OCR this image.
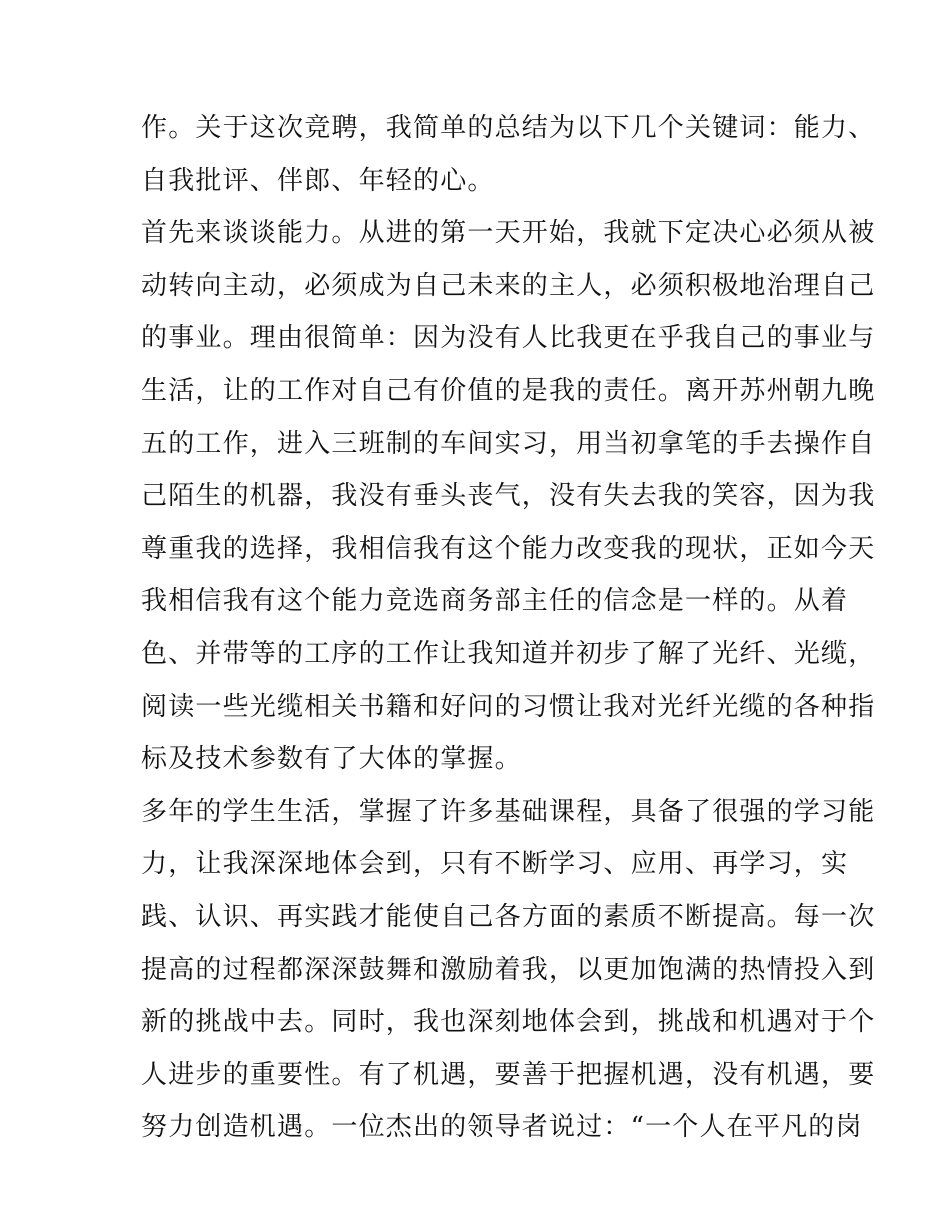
作。关于这次竞聘，我简单的总结为以下几个关键词：能力、
自我批评、伴郎、年轻的心。
首先来谈谈能力。从进的第一天开始，我就下定决心必须从被
动转向主动，必须成为自己未来的主人，必须积极地治理自己
的事业。理由很简单：因为没有人比我更在乎我自己的事业与
生活，让的工作对自己有价值的是我的责任。离开苏州朝九晚
五的工作，进入三班制的车间实习，用当初拿笔的手去操作自
己陌生的机器，我没有垂头丧气，没有失去我的笑容，因为我
尊重我的选择，我相信我有这个能力改变我的现状，正如今天
我相信我有这个能力竞选商务部主任的信念是一样的。从着
色、并带等的工序的工作让我知道并初步了解了光纤、光缆，
阅读一些光缆相关书籍和好问的习惯让我对光纤光缆的各种指
标及技术参数有了大体的掌握。
多年的学生生活，掌握了许多基础课程，具备了很强的学习能
力，让我深深地体会到，只有不断学习、应用、再学习，实
践、认识、再实践才能使自己各方面的素质不断提高。每一次
提高的过程都深深鼓舞和激励着我，以更加饱满的热情投入到
新的挑战中去。同时，我也深刻地体会到，挑战和机遇对于个
人进步的重要性。有了机遇，要善于把握机遇，没有机遇，要
努力创造机遇。一位杰出的领导者说过：“一个人在平凡的岗
